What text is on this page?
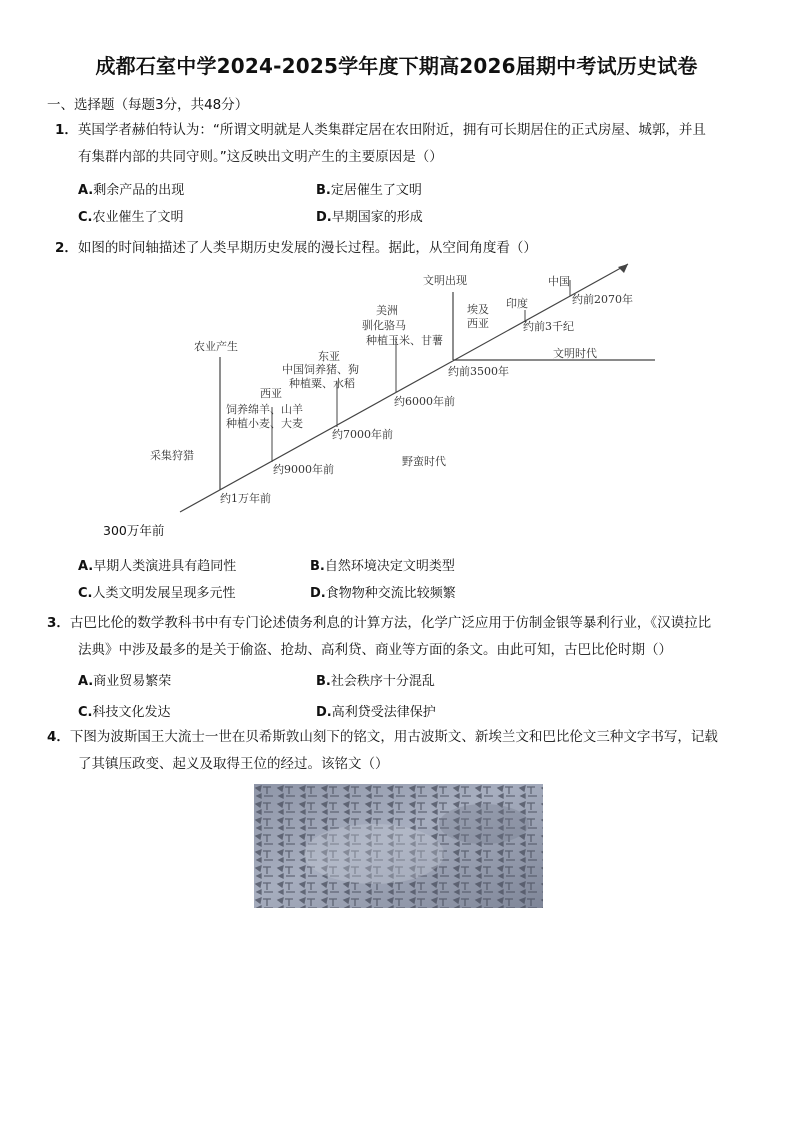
成都石室中学2024-2025学年度下期高2026届期中考试历史试卷
一、选择题（每题3分，共48分）
1．英国学者赫伯特认为：“所谓文明就是人类集群定居在农田附近，拥有可长期居住的正式房屋、城郭，并且
有集群内部的共同守则。”这反映出文明产生的主要原因是（）
A.剩余产品的出现	B.定居催生了文明
C.农业催生了文明	D.早期国家的形成
2．如图的时间轴描述了人类早期历史发展的漫长过程。据此，从空间角度看（）
文明出现	中国
约前2070年
印度
埃及
西亚	约前3千纪
文明时代
约前3500年
美洲
驯化骆马
种植玉米、甘薯
约6000年前
农业产生
东亚
中国饲养猪、狗
种植粟、水稻
西亚
饲养绵羊、山羊
种植小麦、大麦
约7000年前
采集狩猎
约9000年前
野蛮时代
约1万年前
300万年前
A.早期人类演进具有趋同性	B.自然环境决定文明类型
C.人类文明发展呈现多元性	D.食物物种交流比较频繁
3．古巴比伦的数学教科书中有专门论述债务利息的计算方法，化学广泛应用于仿制金银等暴利行业，《汉谟拉比
法典》中涉及最多的是关于偷盗、抢劫、高利贷、商业等方面的条文。由此可知，古巴比伦时期（）
A.商业贸易繁荣	B.社会秩序十分混乱
C.科技文化发达	D.高利贷受法律保护
4．下图为波斯国王大流士一世在贝希斯敦山刻下的铭文，用古波斯文、新埃兰文和巴比伦文三种文字书写，记载
了其镇压政变、起义及取得王位的经过。该铭文（）
